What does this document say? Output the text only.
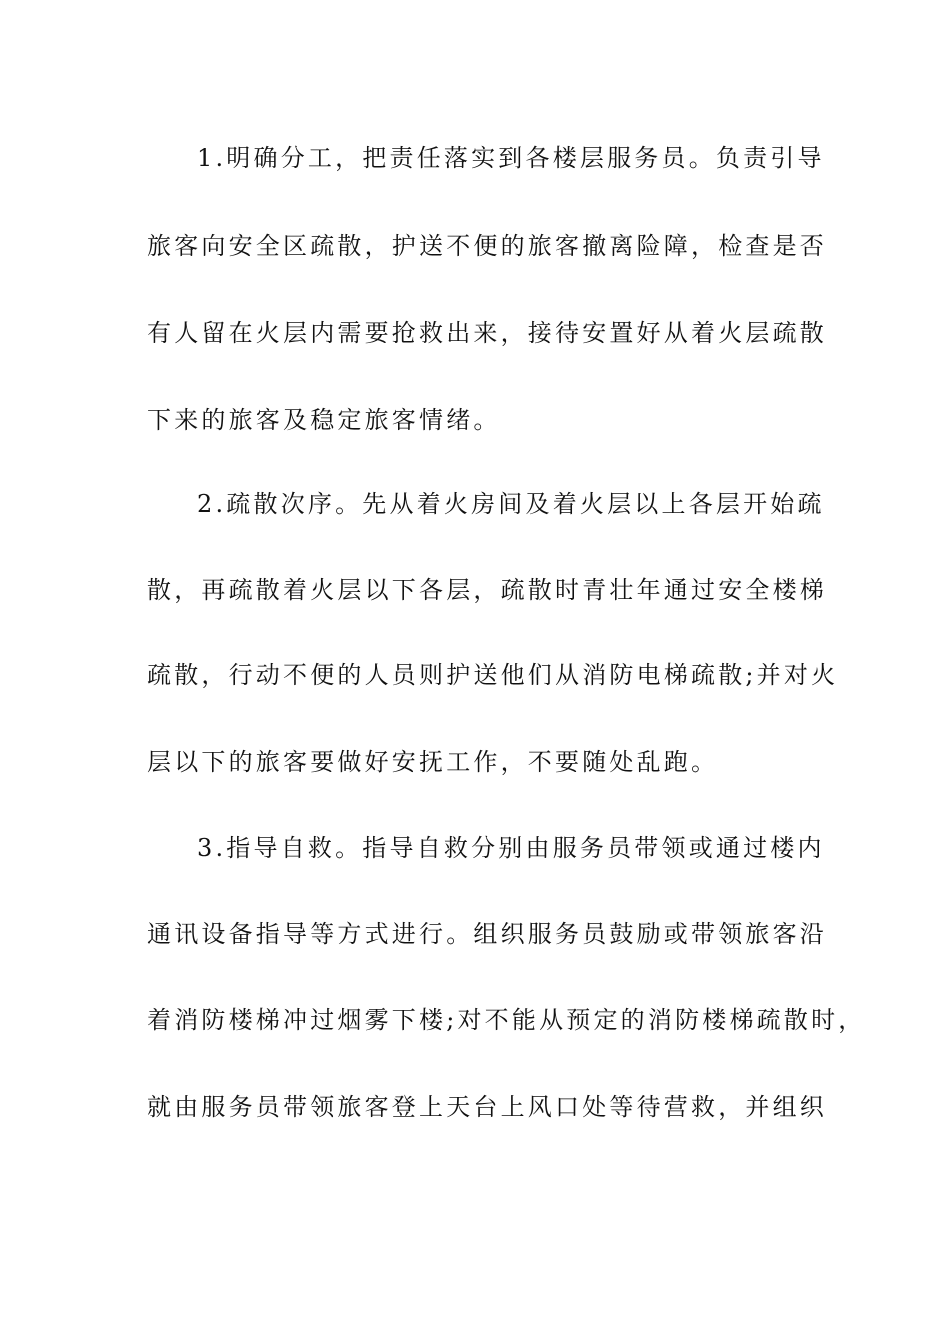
1.明确分工，把责任落实到各楼层服务员。负责引导
旅客向安全区疏散，护送不便的旅客撤离险障，检查是否
有人留在火层内需要抢救出来，接待安置好从着火层疏散
下来的旅客及稳定旅客情绪。
2.疏散次序。先从着火房间及着火层以上各层开始疏
散，再疏散着火层以下各层，疏散时青壮年通过安全楼梯
疏散，行动不便的人员则护送他们从消防电梯疏散;并对火
层以下的旅客要做好安抚工作，不要随处乱跑。
3.指导自救。指导自救分别由服务员带领或通过楼内
通讯设备指导等方式进行。组织服务员鼓励或带领旅客沿
着消防楼梯冲过烟雾下楼;对不能从预定的消防楼梯疏散时，
就由服务员带领旅客登上天台上风口处等待营救，并组织
